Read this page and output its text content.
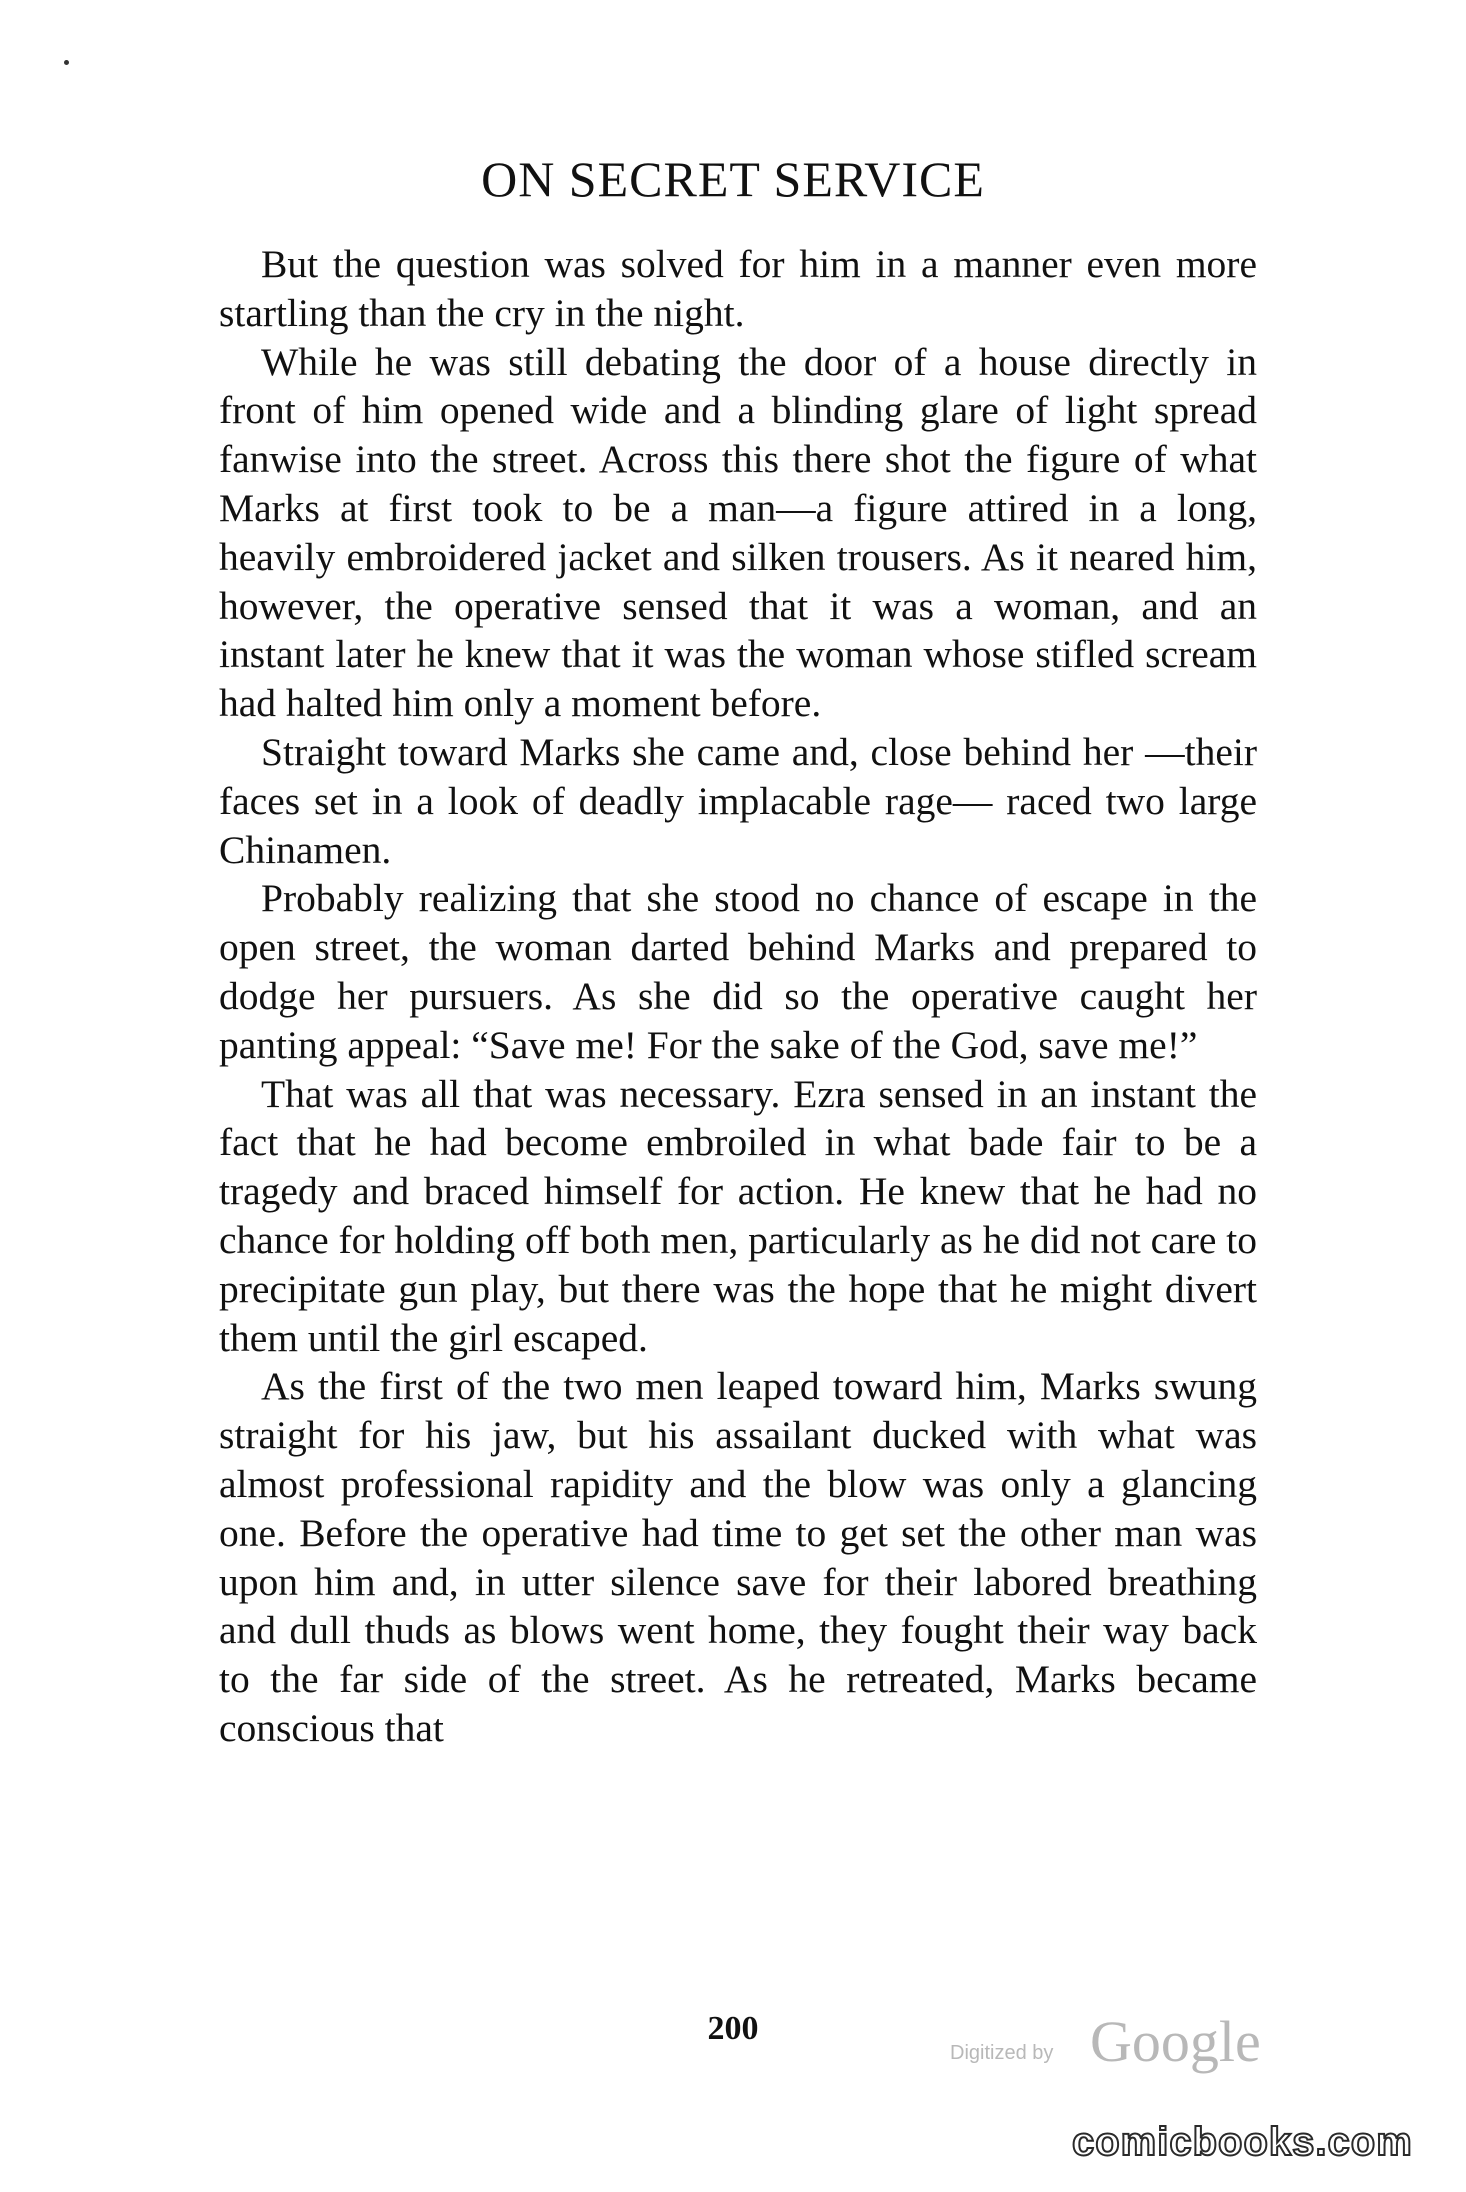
ON SECRET SERVICE

But the question was solved for him in a manner even more startling than the cry in the night.

While he was still debating the door of a house directly in front of him opened wide and a blinding glare of light spread fanwise into the street. Across this there shot the figure of what Marks at first took to be a man—a figure attired in a long, heavily embroidered jacket and silken trousers. As it neared him, however, the operative sensed that it was a woman, and an instant later he knew that it was the woman whose stifled scream had halted him only a moment before.

Straight toward Marks she came and, close behind her —their faces set in a look of deadly implacable rage— raced two large Chinamen.

Probably realizing that she stood no chance of escape in the open street, the woman darted behind Marks and prepared to dodge her pursuers. As she did so the operative caught her panting appeal: “Save me! For the sake of the God, save me!”

That was all that was necessary. Ezra sensed in an instant the fact that he had become embroiled in what bade fair to be a tragedy and braced himself for action. He knew that he had no chance for holding off both men, particularly as he did not care to precipitate gun play, but there was the hope that he might divert them until the girl escaped.

As the first of the two men leaped toward him, Marks swung straight for his jaw, but his assailant ducked with what was almost professional rapidity and the blow was only a glancing one. Before the operative had time to get set the other man was upon him and, in utter silence save for their labored breathing and dull thuds as blows went home, they fought their way back to the far side of the street. As he retreated, Marks became conscious that

200
Digitized by Google
comicbooks.com
